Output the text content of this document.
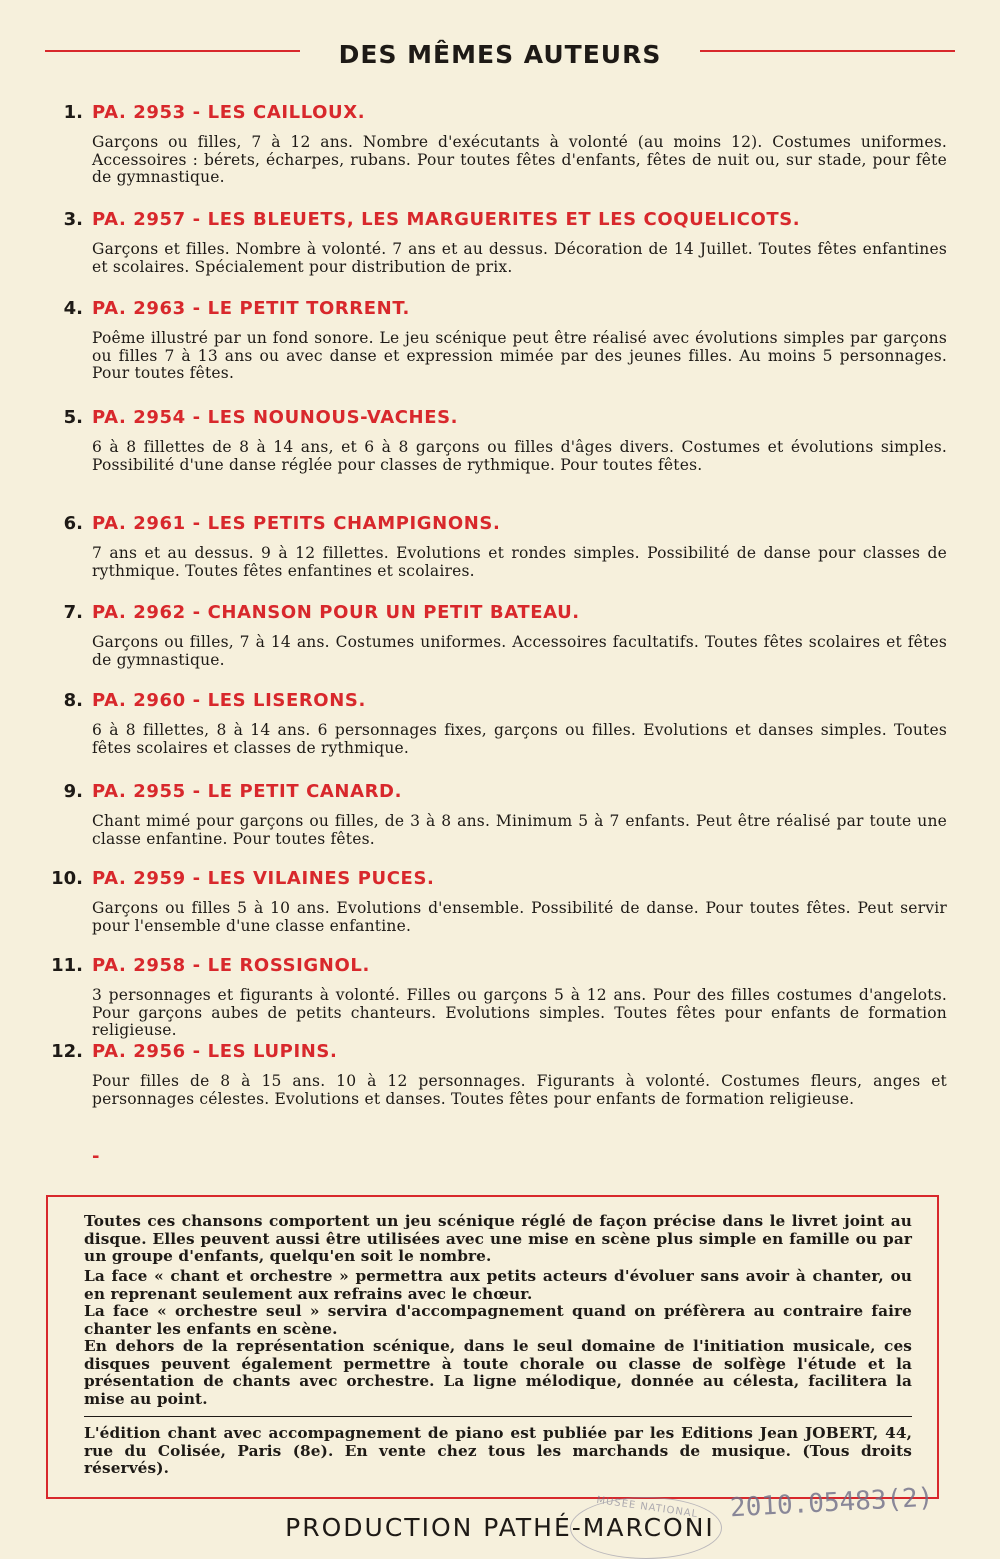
DES MÊMES AUTEURS
1. PA. 2953 - LES CAILLOUX.
Garçons ou filles, 7 à 12 ans. Nombre d'exécutants à volonté (au moins 12). Costumes uniformes. Accessoires : bérets, écharpes, rubans. Pour toutes fêtes d'enfants, fêtes de nuit ou, sur stade, pour fête de gymnastique.
3. PA. 2957 - LES BLEUETS, LES MARGUERITES ET LES COQUELICOTS.
Garçons et filles. Nombre à volonté. 7 ans et au dessus. Décoration de 14 Juillet. Toutes fêtes enfantines et scolaires. Spécialement pour distribution de prix.
4. PA. 2963 - LE PETIT TORRENT.
Poême illustré par un fond sonore. Le jeu scénique peut être réalisé avec évolutions simples par garçons ou filles 7 à 13 ans ou avec danse et expression mimée par des jeunes filles. Au moins 5 personnages. Pour toutes fêtes.
5. PA. 2954 - LES NOUNOUS-VACHES.
6 à 8 fillettes de 8 à 14 ans, et 6 à 8 garçons ou filles d'âges divers. Costumes et évolutions simples. Possibilité d'une danse réglée pour classes de rythmique. Pour toutes fêtes.
6. PA. 2961 - LES PETITS CHAMPIGNONS.
7 ans et au dessus. 9 à 12 fillettes. Evolutions et rondes simples. Possibilité de danse pour classes de rythmique. Toutes fêtes enfantines et scolaires.
7. PA. 2962 - CHANSON POUR UN PETIT BATEAU.
Garçons ou filles, 7 à 14 ans. Costumes uniformes. Accessoires facultatifs. Toutes fêtes scolaires et fêtes de gymnastique.
8. PA. 2960 - LES LISERONS.
6 à 8 fillettes, 8 à 14 ans. 6 personnages fixes, garçons ou filles. Evolutions et danses simples. Toutes fêtes scolaires et classes de rythmique.
9. PA. 2955 - LE PETIT CANARD.
Chant mimé pour garçons ou filles, de 3 à 8 ans. Minimum 5 à 7 enfants. Peut être réalisé par toute une classe enfantine. Pour toutes fêtes.
10. PA. 2959 - LES VILAINES PUCES.
Garçons ou filles 5 à 10 ans. Evolutions d'ensemble. Possibilité de danse. Pour toutes fêtes. Peut servir pour l'ensemble d'une classe enfantine.
11. PA. 2958 - LE ROSSIGNOL.
3 personnages et figurants à volonté. Filles ou garçons 5 à 12 ans. Pour des filles costumes d'angelots. Pour garçons aubes de petits chanteurs. Evolutions simples. Toutes fêtes pour enfants de formation religieuse.
12. PA. 2956 - LES LUPINS.
Pour filles de 8 à 15 ans. 10 à 12 personnages. Figurants à volonté. Costumes fleurs, anges et personnages célestes. Evolutions et danses. Toutes fêtes pour enfants de formation religieuse.
-
Toutes ces chansons comportent un jeu scénique réglé de façon précise dans le livret joint au disque. Elles peuvent aussi être utilisées avec une mise en scène plus simple en famille ou par un groupe d'enfants, quelqu'en soit le nombre.
La face « chant et orchestre » permettra aux petits acteurs d'évoluer sans avoir à chanter, ou en reprenant seulement aux refrains avec le chœur.
La face « orchestre seul » servira d'accompagnement quand on préfèrera au contraire faire chanter les enfants en scène.
En dehors de la représentation scénique, dans le seul domaine de l'initiation musicale, ces disques peuvent également permettre à toute chorale ou classe de solfège l'étude et la présentation de chants avec orchestre. La ligne mélodique, donnée au célesta, facilitera la mise au point.
L'édition chant avec accompagnement de piano est publiée par les Editions Jean JOBERT, 44, rue du Colisée, Paris (8e). En vente chez tous les marchands de musique. (Tous droits réservés).
MUSÉE NATIONAL 2010.05483(2)
PRODUCTION PATHÉ-MARCONI
